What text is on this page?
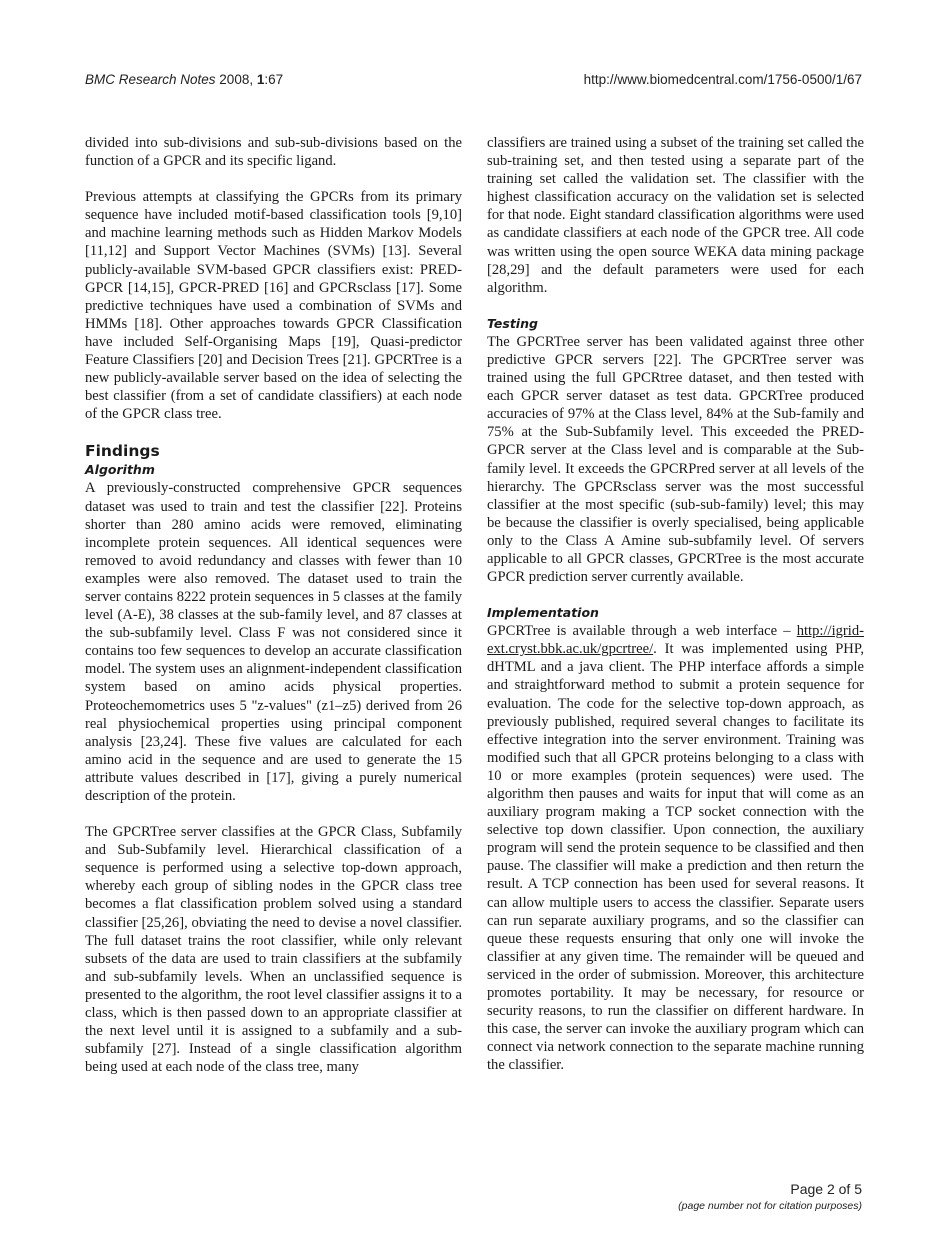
BMC Research Notes 2008, 1:67	http://www.biomedcentral.com/1756-0500/1/67

divided into sub-divisions and sub-sub-divisions based on the function of a GPCR and its specific ligand.

Previous attempts at classifying the GPCRs from its primary sequence have included motif-based classification tools [9,10] and machine learning methods such as Hidden Markov Models [11,12] and Support Vector Machines (SVMs) [13]. Several publicly-available SVM-based GPCR classifiers exist: PRED-GPCR [14,15], GPCR-PRED [16] and GPCRsclass [17]. Some predictive techniques have used a combination of SVMs and HMMs [18]. Other approaches towards GPCR Classification have included Self-Organising Maps [19], Quasi-predictor Feature Classifiers [20] and Decision Trees [21]. GPCRTree is a new publicly-available server based on the idea of selecting the best classifier (from a set of candidate classifiers) at each node of the GPCR class tree.

Findings
Algorithm

A previously-constructed comprehensive GPCR sequences dataset was used to train and test the classifier [22]. Proteins shorter than 280 amino acids were removed, eliminating incomplete protein sequences. All identical sequences were removed to avoid redundancy and classes with fewer than 10 examples were also removed. The dataset used to train the server contains 8222 protein sequences in 5 classes at the family level (A-E), 38 classes at the sub-family level, and 87 classes at the sub-subfamily level. Class F was not considered since it contains too few sequences to develop an accurate classification model. The system uses an alignment-independent classification system based on amino acids physical properties. Proteochemometrics uses 5 "z-values" (z1–z5) derived from 26 real physiochemical properties using principal component analysis [23,24]. These five values are calculated for each amino acid in the sequence and are used to generate the 15 attribute values described in [17], giving a purely numerical description of the protein.

The GPCRTree server classifies at the GPCR Class, Subfamily and Sub-Subfamily level. Hierarchical classification of a sequence is performed using a selective top-down approach, whereby each group of sibling nodes in the GPCR class tree becomes a flat classification problem solved using a standard classifier [25,26], obviating the need to devise a novel classifier. The full dataset trains the root classifier, while only relevant subsets of the data are used to train classifiers at the subfamily and sub-subfamily levels. When an unclassified sequence is presented to the algorithm, the root level classifier assigns it to a class, which is then passed down to an appropriate classifier at the next level until it is assigned to a subfamily and a sub-subfamily [27]. Instead of a single classification algorithm being used at each node of the class tree, many

classifiers are trained using a subset of the training set called the sub-training set, and then tested using a separate part of the training set called the validation set. The classifier with the highest classification accuracy on the validation set is selected for that node. Eight standard classification algorithms were used as candidate classifiers at each node of the GPCR tree. All code was written using the open source WEKA data mining package [28,29] and the default parameters were used for each algorithm.

Testing

The GPCRTree server has been validated against three other predictive GPCR servers [22]. The GPCRTree server was trained using the full GPCRtree dataset, and then tested with each GPCR server dataset as test data. GPCRTree produced accuracies of 97% at the Class level, 84% at the Sub-family and 75% at the Sub-Subfamily level. This exceeded the PRED-GPCR server at the Class level and is comparable at the Sub-family level. It exceeds the GPCRPred server at all levels of the hierarchy. The GPCRsclass server was the most successful classifier at the most specific (sub-sub-family) level; this may be because the classifier is overly specialised, being applicable only to the Class A Amine sub-subfamily level. Of servers applicable to all GPCR classes, GPCRTree is the most accurate GPCR prediction server currently available.

Implementation

GPCRTree is available through a web interface – http://igrid-ext.cryst.bbk.ac.uk/gpcrtree/. It was implemented using PHP, dHTML and a java client. The PHP interface affords a simple and straightforward method to submit a protein sequence for evaluation. The code for the selective top-down approach, as previously published, required several changes to facilitate its effective integration into the server environment. Training was modified such that all GPCR proteins belonging to a class with 10 or more examples (protein sequences) were used. The algorithm then pauses and waits for input that will come as an auxiliary program making a TCP socket connection with the selective top down classifier. Upon connection, the auxiliary program will send the protein sequence to be classified and then pause. The classifier will make a prediction and then return the result. A TCP connection has been used for several reasons. It can allow multiple users to access the classifier. Separate users can run separate auxiliary programs, and so the classifier can queue these requests ensuring that only one will invoke the classifier at any given time. The remainder will be queued and serviced in the order of submission. Moreover, this architecture promotes portability. It may be necessary, for resource or security reasons, to run the classifier on different hardware. In this case, the server can invoke the auxiliary program which can connect via network connection to the separate machine running the classifier.

Page 2 of 5
(page number not for citation purposes)
